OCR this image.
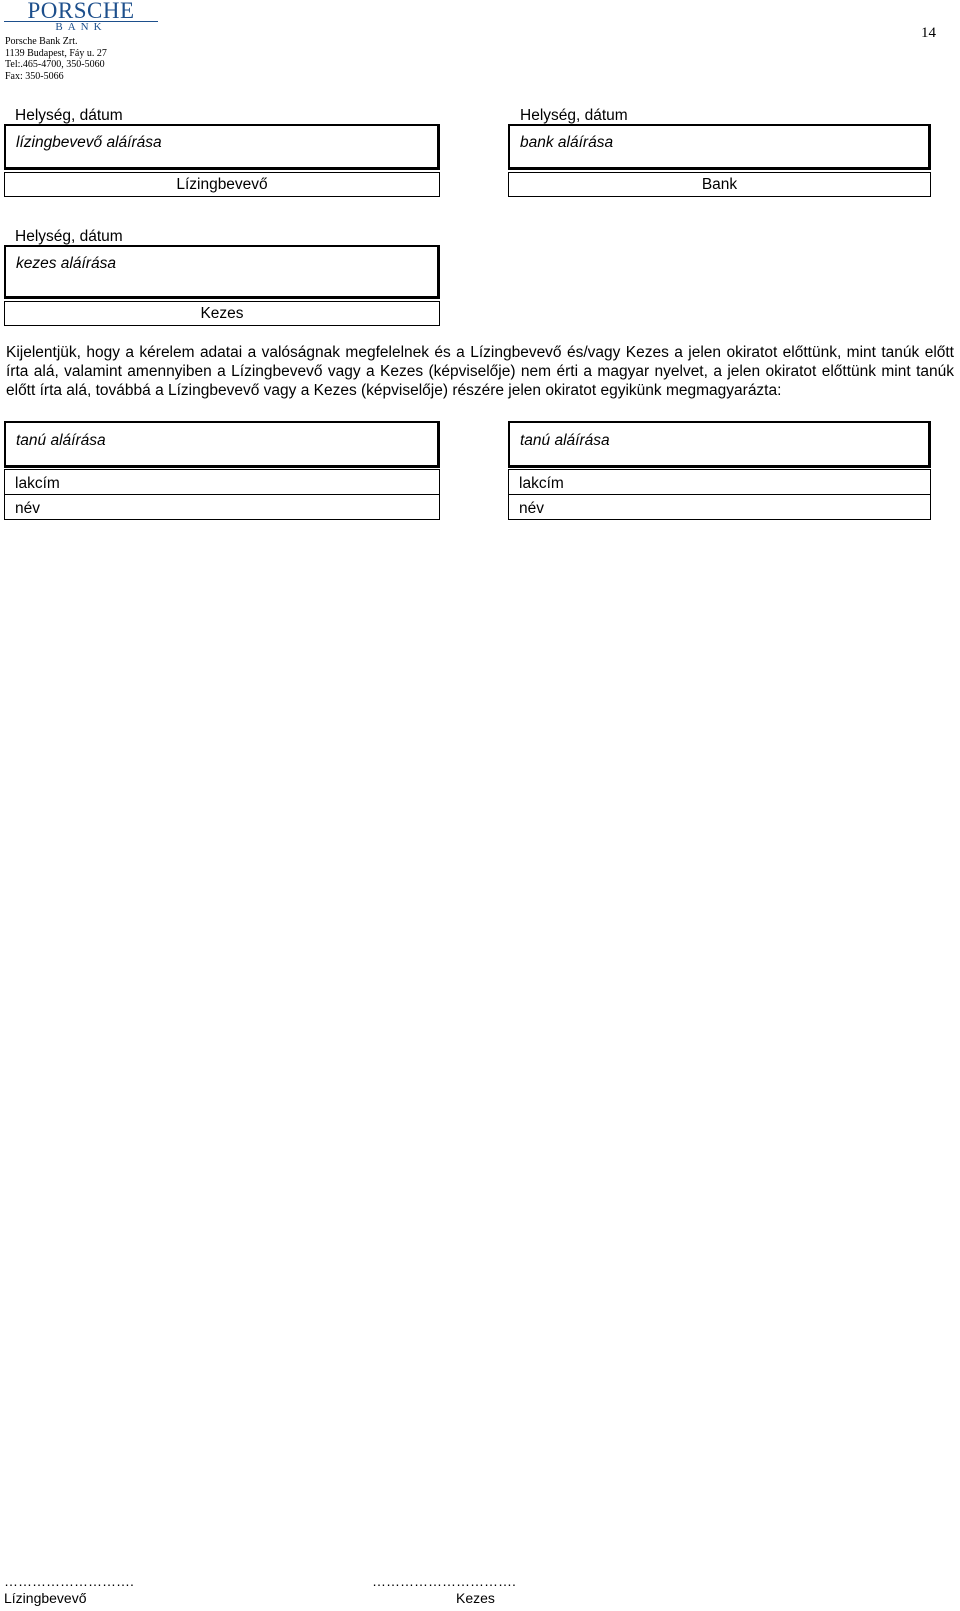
PORSCHE
BANK
Porsche Bank Zrt.
1139 Budapest, Fáy u. 27
Tel:.465-4700, 350-5060
Fax: 350-5066
14
Helység, dátum
lízingbevevő aláírása
Lízingbevevő
Helység, dátum
bank aláírása
Bank
Helység, dátum
kezes aláírása
Kezes
Kijelentjük, hogy a kérelem adatai a valóságnak megfelelnek és a Lízingbevevő és/vagy Kezes a jelen okiratot előttünk, mint tanúk előtt írta alá, valamint amennyiben a Lízingbevevő vagy a Kezes (képviselője) nem érti a magyar nyelvet, a jelen okiratot előttünk mint tanúk előtt írta alá, továbbá a Lízingbevevő vagy a Kezes (képviselője) részére jelen okiratot egyikünk megmagyarázta:
tanú aláírása
lakcím
név
tanú aláírása
lakcím
név
……………………….
Lízingbevevő
………………………….
Kezes
